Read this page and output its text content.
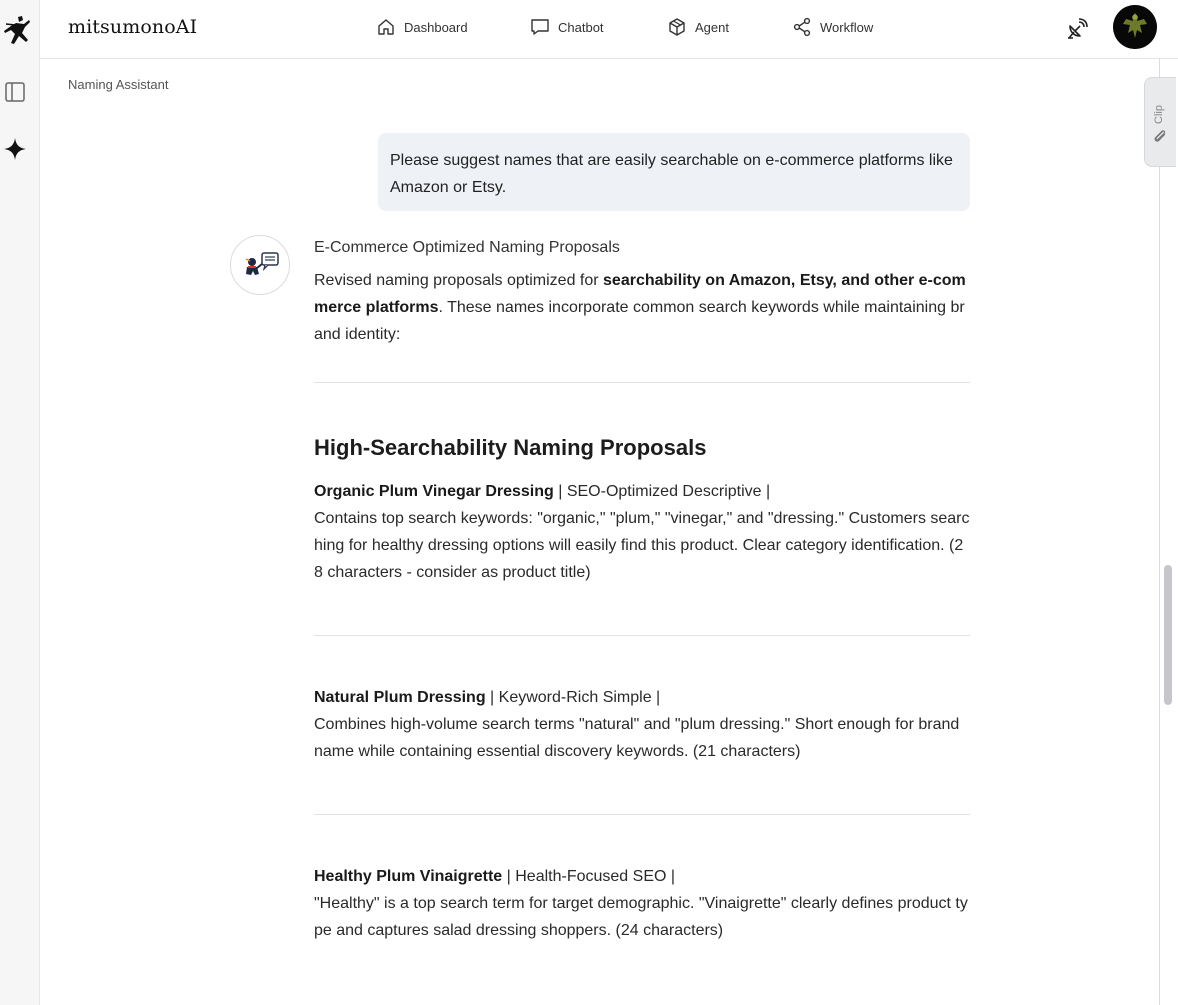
mitsumonoAI	Dashboard	Chatbot	Agent	Workflow
Naming Assistant
Clip
Please suggest names that are easily searchable on e-commerce platforms like Amazon or Etsy.
E-Commerce Optimized Naming Proposals
Revised naming proposals optimized for searchability on Amazon, Etsy, and other e-commerce platforms. These names incorporate common search keywords while maintaining brand identity:
High-Searchability Naming Proposals
Organic Plum Vinegar Dressing | SEO-Optimized Descriptive |
Contains top search keywords: "organic," "plum," "vinegar," and "dressing." Customers searching for healthy dressing options will easily find this product. Clear category identification. (28 characters - consider as product title)
Natural Plum Dressing | Keyword-Rich Simple |
Combines high-volume search terms "natural" and "plum dressing." Short enough for brand name while containing essential discovery keywords. (21 characters)
Healthy Plum Vinaigrette | Health-Focused SEO |
"Healthy" is a top search term for target demographic. "Vinaigrette" clearly defines product type and captures salad dressing shoppers. (24 characters)
